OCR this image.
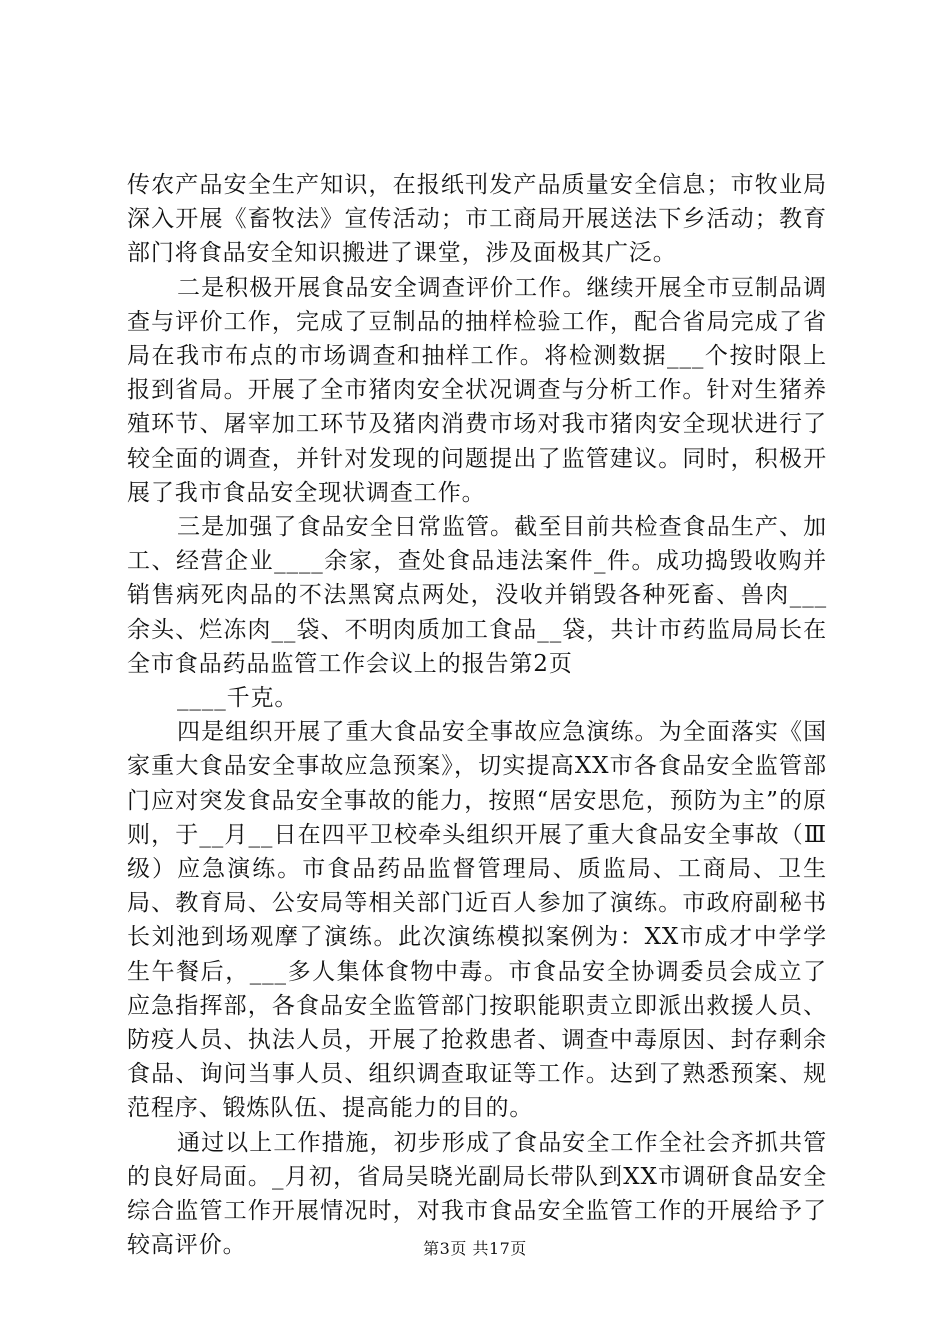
传农产品安全生产知识，在报纸刊发产品质量安全信息；市牧业局深入开展《畜牧法》宣传活动；市工商局开展送法下乡活动；教育部门将食品安全知识搬进了课堂，涉及面极其广泛。

二是积极开展食品安全调查评价工作。继续开展全市豆制品调查与评价工作，完成了豆制品的抽样检验工作，配合省局完成了省局在我市布点的市场调查和抽样工作。将检测数据___个按时限上报到省局。开展了全市猪肉安全状况调查与分析工作。针对生猪养殖环节、屠宰加工环节及猪肉消费市场对我市猪肉安全现状进行了较全面的调查，并针对发现的问题提出了监管建议。同时，积极开展了我市食品安全现状调查工作。

三是加强了食品安全日常监管。截至目前共检查食品生产、加工、经营企业____余家，查处食品违法案件_件。成功捣毁收购并销售病死肉品的不法黑窝点两处，没收并销毁各种死畜、兽肉___余头、烂冻肉__袋、不明肉质加工食品__袋，共计市药监局局长在全市食品药品监管工作会议上的报告第2页

____千克。

四是组织开展了重大食品安全事故应急演练。为全面落实《国家重大食品安全事故应急预案》，切实提高XX市各食品安全监管部门应对突发食品安全事故的能力，按照“居安思危，预防为主”的原则，于__月__日在四平卫校牵头组织开展了重大食品安全事故（Ⅲ级）应急演练。市食品药品监督管理局、质监局、工商局、卫生局、教育局、公安局等相关部门近百人参加了演练。市政府副秘书长刘池到场观摩了演练。此次演练模拟案例为：XX市成才中学学生午餐后，___多人集体食物中毒。市食品安全协调委员会成立了应急指挥部，各食品安全监管部门按职能职责立即派出救援人员、防疫人员、执法人员，开展了抢救患者、调查中毒原因、封存剩余食品、询问当事人员、组织调查取证等工作。达到了熟悉预案、规范程序、锻炼队伍、提高能力的目的。

通过以上工作措施，初步形成了食品安全工作全社会齐抓共管的良好局面。_月初，省局吴晓光副局长带队到XX市调研食品安全综合监管工作开展情况时，对我市食品安全监管工作的开展给予了较高评价。	第3页 共17页
